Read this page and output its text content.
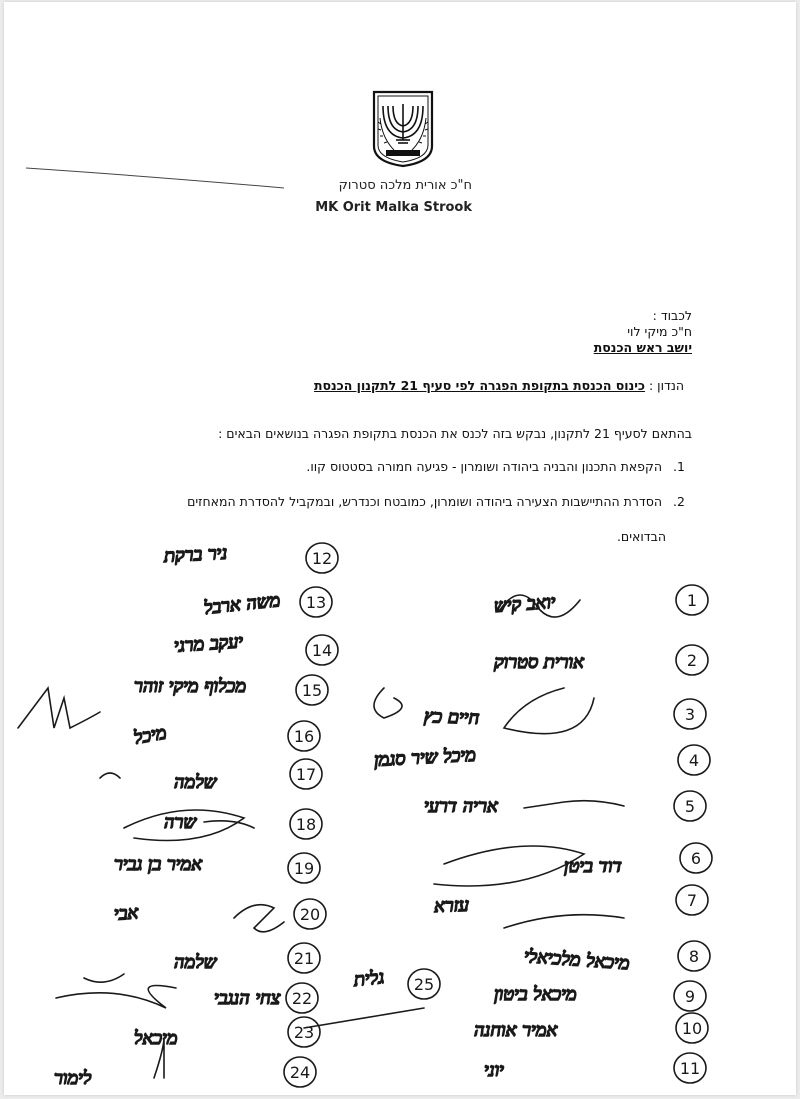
ח"כ אורית מלכה סטרוק
MK Orit Malka Strook
לכבוד :
ח"כ מיקי לוי
יושב ראש הכנסת
הנדון : כינוס הכנסת בתקופת הפגרה לפי סעיף 21 לתקנון הכנסת
בהתאם לסעיף 21 לתקנון, נבקש בזה לכנס את הכנסת בתקופת הפגרה בנושאים הבאים :
1. הקפאת התכנון והבניה ביהודה ושומרון - פגיעה חמורה בסטטוס קוו.
2. הסדרת ההתיישבות הצעירה ביהודה ושומרון, כמובטח וכנדרש, ובמקביל להסדרת המאחזים
הבדואים.
1
2
3
4
5
6
7
8
9
10
11
12
13
14
15
16
17
18
19
20
21
22
23
24
25
יואב קיש
אורית סטרוק
חיים כץ
מיכל שיר סגמן
אריה דרעי
דוד ביטן
עזרא
מיכאל מלכיאלי
מיכאל ביטון
אמיר אוחנה
יוני
ניר ברקת
משה ארבל
יעקב מרגי
מכלוף מיקי זוהר
מיכל
שלמה
שרה
אמיר בן גביר
אבי
שלמה
צחי הנגבי
מיכאל
לימור
גלית
